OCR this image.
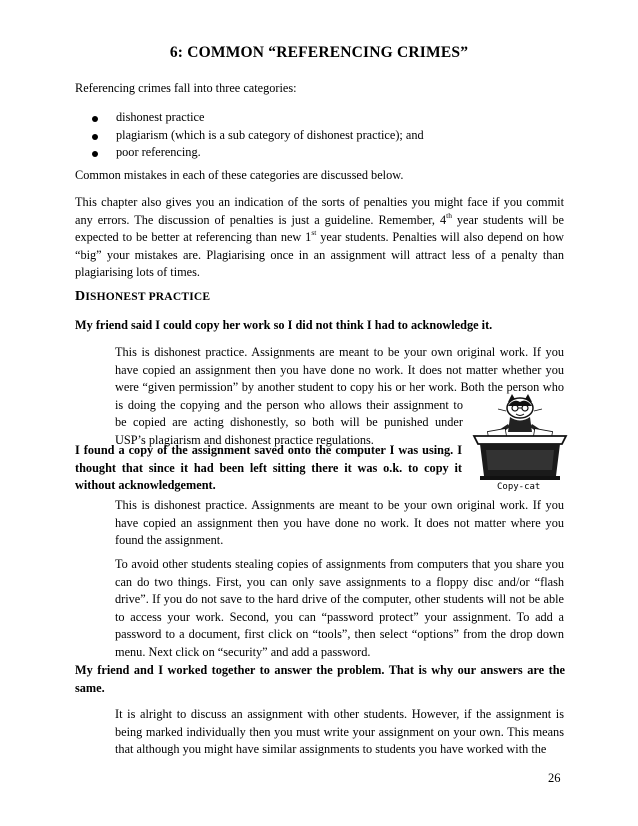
6: COMMON “REFERENCING CRIMES”
Referencing crimes fall into three categories:
dishonest practice
plagiarism (which is a sub category of dishonest practice); and
poor referencing.
Common mistakes in each of these categories are discussed below.
This chapter also gives you an indication of the sorts of penalties you might face if you commit any errors. The discussion of penalties is just a guideline. Remember, 4th year students will be expected to be better at referencing than new 1st year students. Penalties will also depend on how “big” your mistakes are. Plagiarising once in an assignment will attract less of a penalty than plagiarising lots of times.
DISHONEST PRACTICE
My friend said I could copy her work so I did not think I had to acknowledge it.
This is dishonest practice. Assignments are meant to be your own original work. If you
have copied an assignment then you have done no work. It does not matter whether you
were “given permission” by another student to copy his or her work. Both the person who
is doing the copying and the person who allows their assignment to
be copied are acting dishonestly, so both will be punished under
USP’s plagiarism and dishonest practice regulations.
I found a copy of the assignment saved onto the computer I was using. I
thought that since it had been left sitting there it was o.k. to copy it
without acknowledgement.	Copy-cat
This is dishonest practice. Assignments are meant to be your own original work. If you have copied an assignment then you have done no work. It does not matter where you found the assignment.
To avoid other students stealing copies of assignments from computers that you share you can do two things. First, you can only save assignments to a floppy disc and/or “flash drive”. If you do not save to the hard drive of the computer, other students will not be able to access your work. Second, you can “password protect” your assignment. To add a password to a document, first click on “tools”, then select “options” from the drop down menu. Next click on “security” and add a password.
My friend and I worked together to answer the problem. That is why our answers are the same.
It is alright to discuss an assignment with other students. However, if the assignment is being marked individually then you must write your assignment on your own. This means that although you might have similar assignments to students you have worked with the
26
